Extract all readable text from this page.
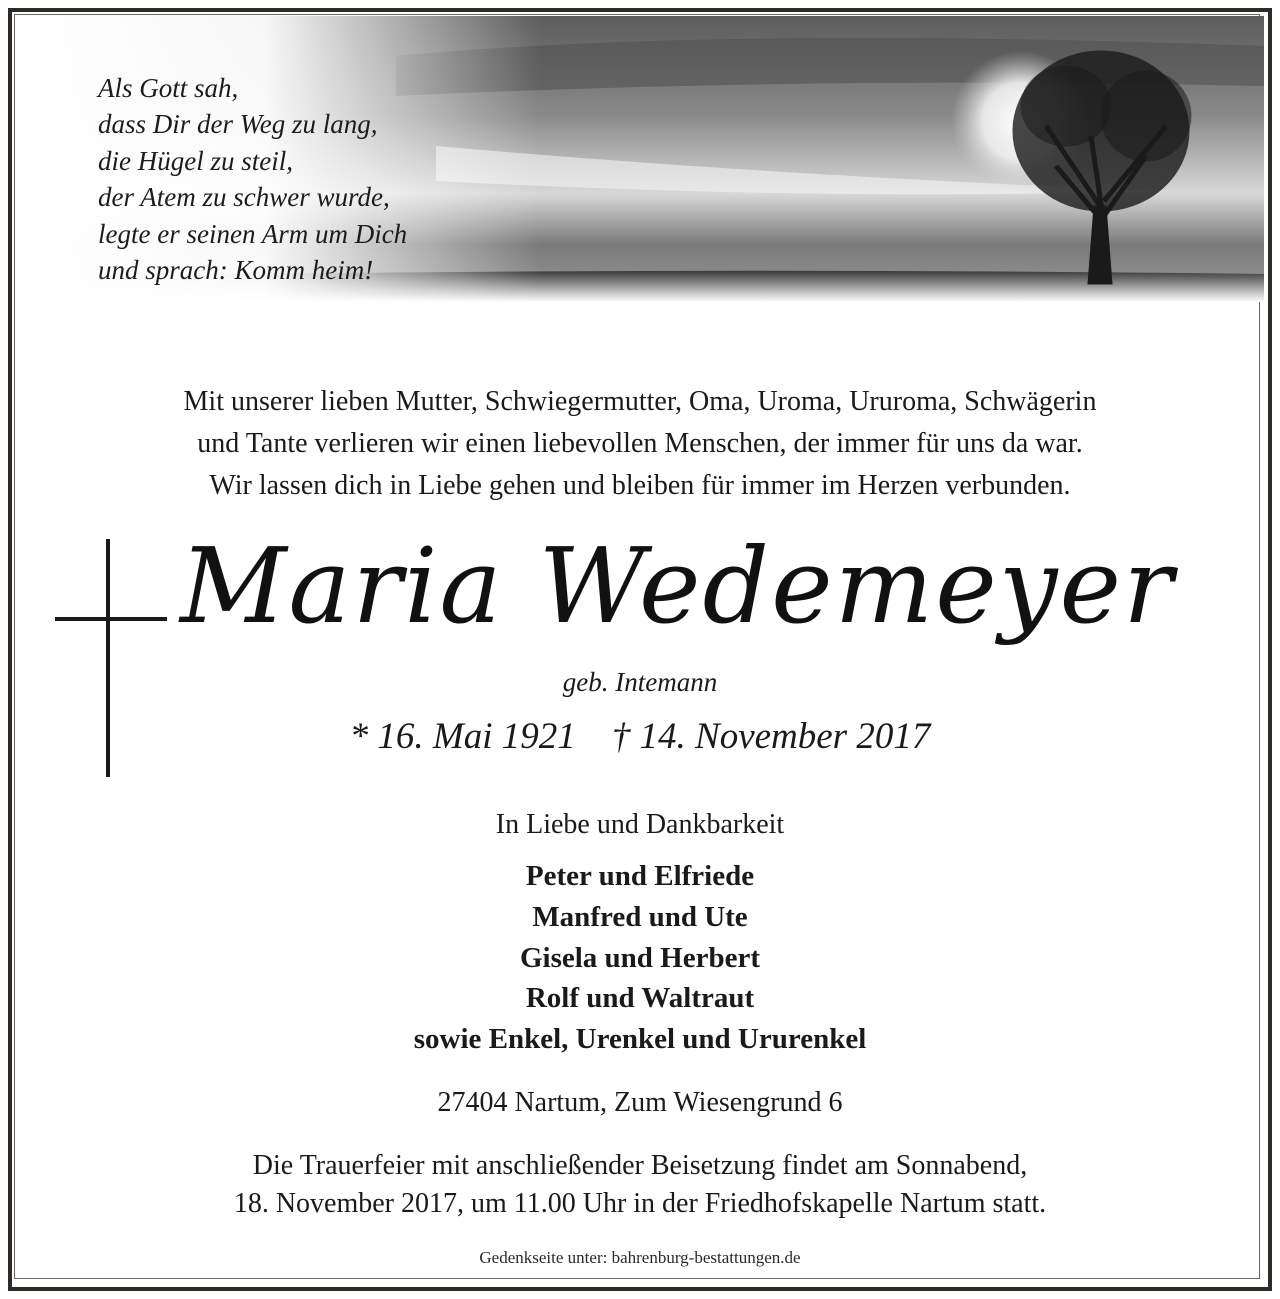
Als Gott sah,
dass Dir der Weg zu lang,
die Hügel zu steil,
der Atem zu schwer wurde,
legte er seinen Arm um Dich
und sprach: Komm heim!
Mit unserer lieben Mutter, Schwiegermutter, Oma, Uroma, Ururoma, Schwägerin
und Tante verlieren wir einen liebevollen Menschen, der immer für uns da war.
Wir lassen dich in Liebe gehen und bleiben für immer im Herzen verbunden.
Maria Wedemeyer
geb. Intemann
* 16. Mai 1921 † 14. November 2017
In Liebe und Dankbarkeit
Peter und Elfriede
Manfred und Ute
Gisela und Herbert
Rolf und Waltraut
sowie Enkel, Urenkel und Ururenkel
27404 Nartum, Zum Wiesengrund 6
Die Trauerfeier mit anschließender Beisetzung findet am Sonnabend,
18. November 2017, um 11.00 Uhr in der Friedhofskapelle Nartum statt.
Gedenkseite unter: bahrenburg-bestattungen.de
